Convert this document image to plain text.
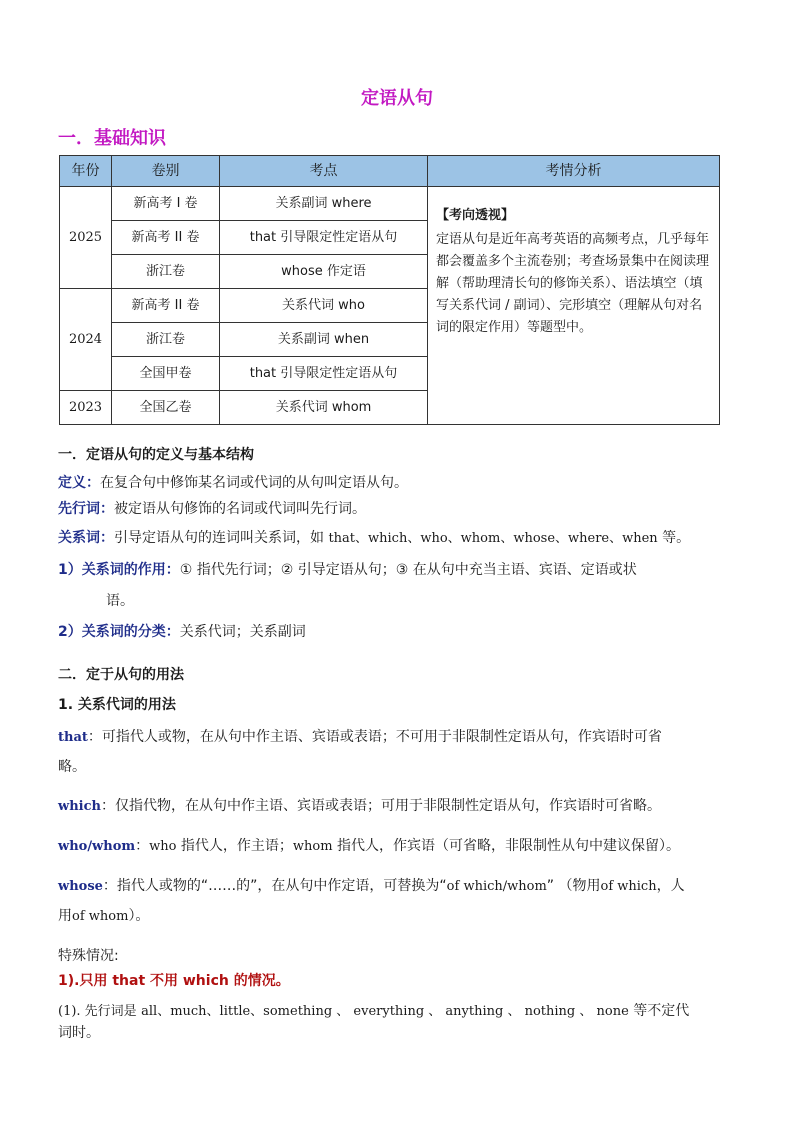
定语从句
一．基础知识
年份	卷别	考点	考情分析
2025	新高考 I 卷	关系副词 where	【考向透视】
定语从句是近年高考英语的高频考点，几乎每年都会覆盖多个主流卷别；考查场景集中在阅读理解（帮助理清长句的修饰关系）、语法填空（填写关系代词 / 副词）、完形填空（理解从句对名词的限定作用）等题型中。
	新高考 II 卷	that 引导限定性定语从句	
	浙江卷	whose 作定语	
2024	新高考 II 卷	关系代词 who	
	浙江卷	关系副词 when	
	全国甲卷	that 引导限定性定语从句	
2023	全国乙卷	关系代词 whom	
一．定语从句的定义与基本结构
定义：在复合句中修饰某名词或代词的从句叫定语从句。
先行词：被定语从句修饰的名词或代词叫先行词。
关系词：引导定语从句的连词叫关系词，如 that、which、who、whom、whose、where、when 等。
1）关系词的作用：① 指代先行词；② 引导定语从句；③ 在从句中充当主语、宾语、定语或状
语。
2）关系词的分类：关系代词；关系副词
二．定于从句的用法
1. 关系代词的用法
that：可指代人或物，在从句中作主语、宾语或表语；不可用于非限制性定语从句，作宾语时可省
略。
which：仅指代物，在从句中作主语、宾语或表语；可用于非限制性定语从句，作宾语时可省略。
who/whom：who 指代人，作主语；whom 指代人，作宾语（可省略，非限制性从句中建议保留）。
whose：指代人或物的“……的”，在从句中作定语，可替换为“of which/whom” （物用of which，人
用of whom）。
特殊情况:
1).只用 that 不用 which 的情况。
(1). 先行词是 all、much、little、something 、 everything 、 anything 、 nothing 、 none 等不定代
词时。
